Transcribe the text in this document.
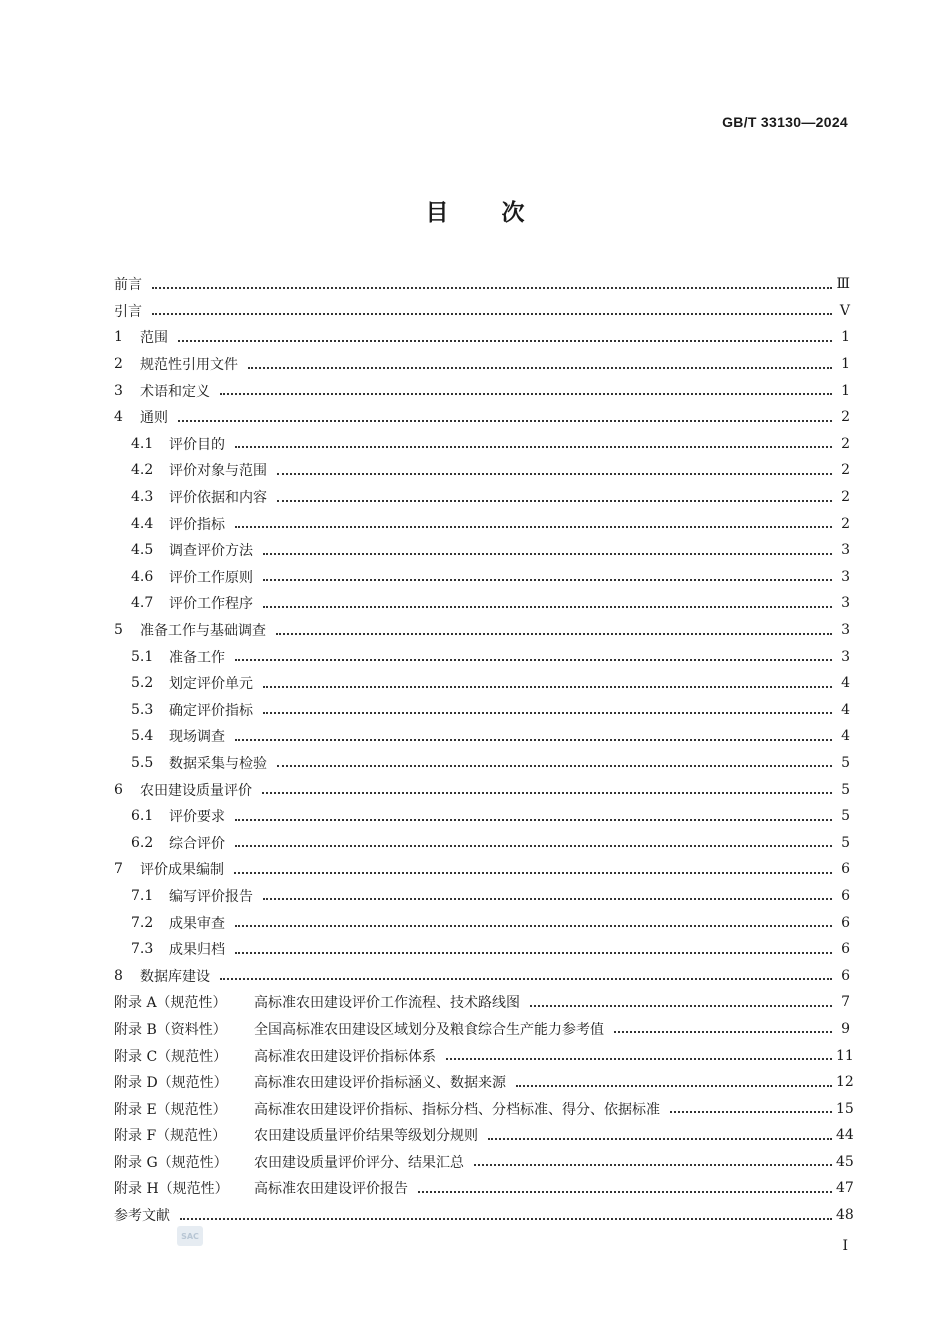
GB/T 33130—2024
目 次
前言	Ⅲ
引言	Ⅴ
1	范围	1
2	规范性引用文件	1
3	术语和定义	1
4	通则	2
4.1	评价目的	2
4.2	评价对象与范围	2
4.3	评价依据和内容	2
4.4	评价指标	2
4.5	调查评价方法	3
4.6	评价工作原则	3
4.7	评价工作程序	3
5	准备工作与基础调查	3
5.1	准备工作	3
5.2	划定评价单元	4
5.3	确定评价指标	4
5.4	现场调查	4
5.5	数据采集与检验	5
6	农田建设质量评价	5
6.1	评价要求	5
6.2	综合评价	5
7	评价成果编制	6
7.1	编写评价报告	6
7.2	成果审查	6
7.3	成果归档	6
8	数据库建设	6
附录 A（规范性）	高标准农田建设评价工作流程、技术路线图	7
附录 B（资料性）	全国高标准农田建设区域划分及粮食综合生产能力参考值	9
附录 C（规范性）	高标准农田建设评价指标体系	11
附录 D（规范性）	高标准农田建设评价指标涵义、数据来源	12
附录 E（规范性）	高标准农田建设评价指标、指标分档、分档标准、得分、依据标准	15
附录 F（规范性）	农田建设质量评价结果等级划分规则	44
附录 G（规范性）	农田建设质量评价评分、结果汇总	45
附录 H（规范性）	高标准农田建设评价报告	47
参考文献	48
SAC
I
